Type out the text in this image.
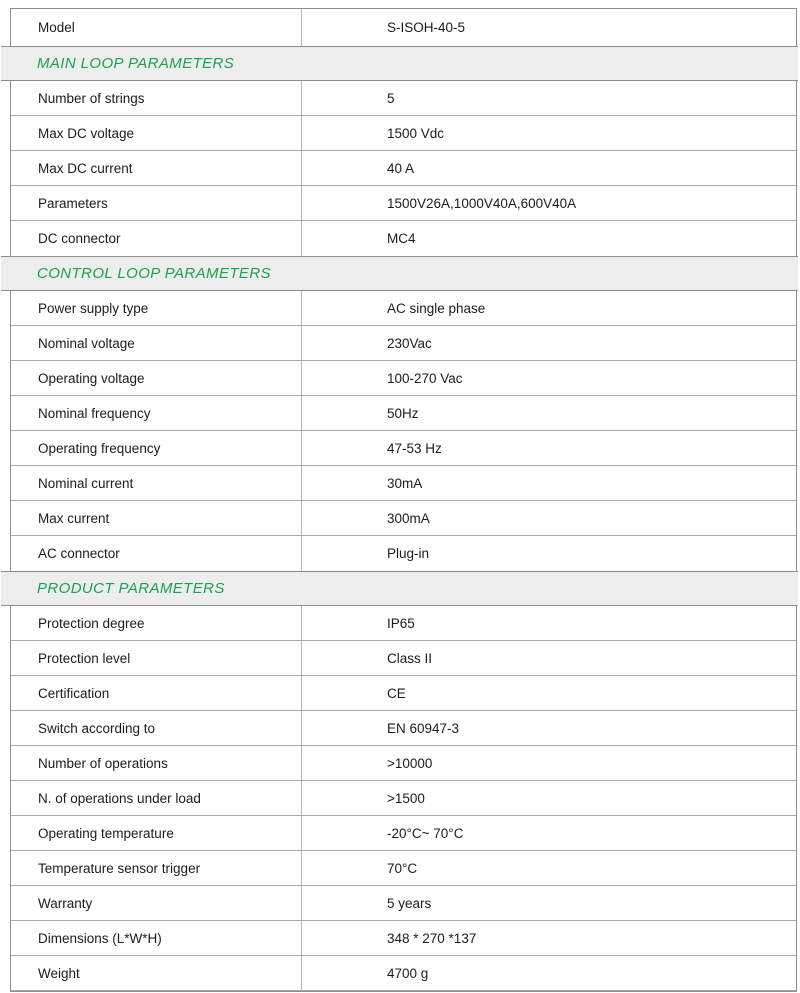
Model	S-ISOH-40-5
MAIN LOOP PARAMETERS
Number of strings	5
Max DC voltage	1500 Vdc
Max DC current	40 A
Parameters	1500V26A,1000V40A,600V40A
DC connector	MC4
CONTROL LOOP PARAMETERS
Power supply type	AC single phase
Nominal voltage	230Vac
Operating voltage	100-270 Vac
Nominal frequency	50Hz
Operating frequency	47-53 Hz
Nominal current	30mA
Max current	300mA
AC connector	Plug-in
PRODUCT PARAMETERS
Protection degree	IP65
Protection level	Class II
Certification	CE
Switch according to	EN 60947-3
Number of operations	>10000
N. of operations under load	>1500
Operating temperature	-20°C~ 70°C
Temperature sensor trigger	70°C
Warranty	5 years
Dimensions (L*W*H)	348 * 270 *137
Weight	4700 g
